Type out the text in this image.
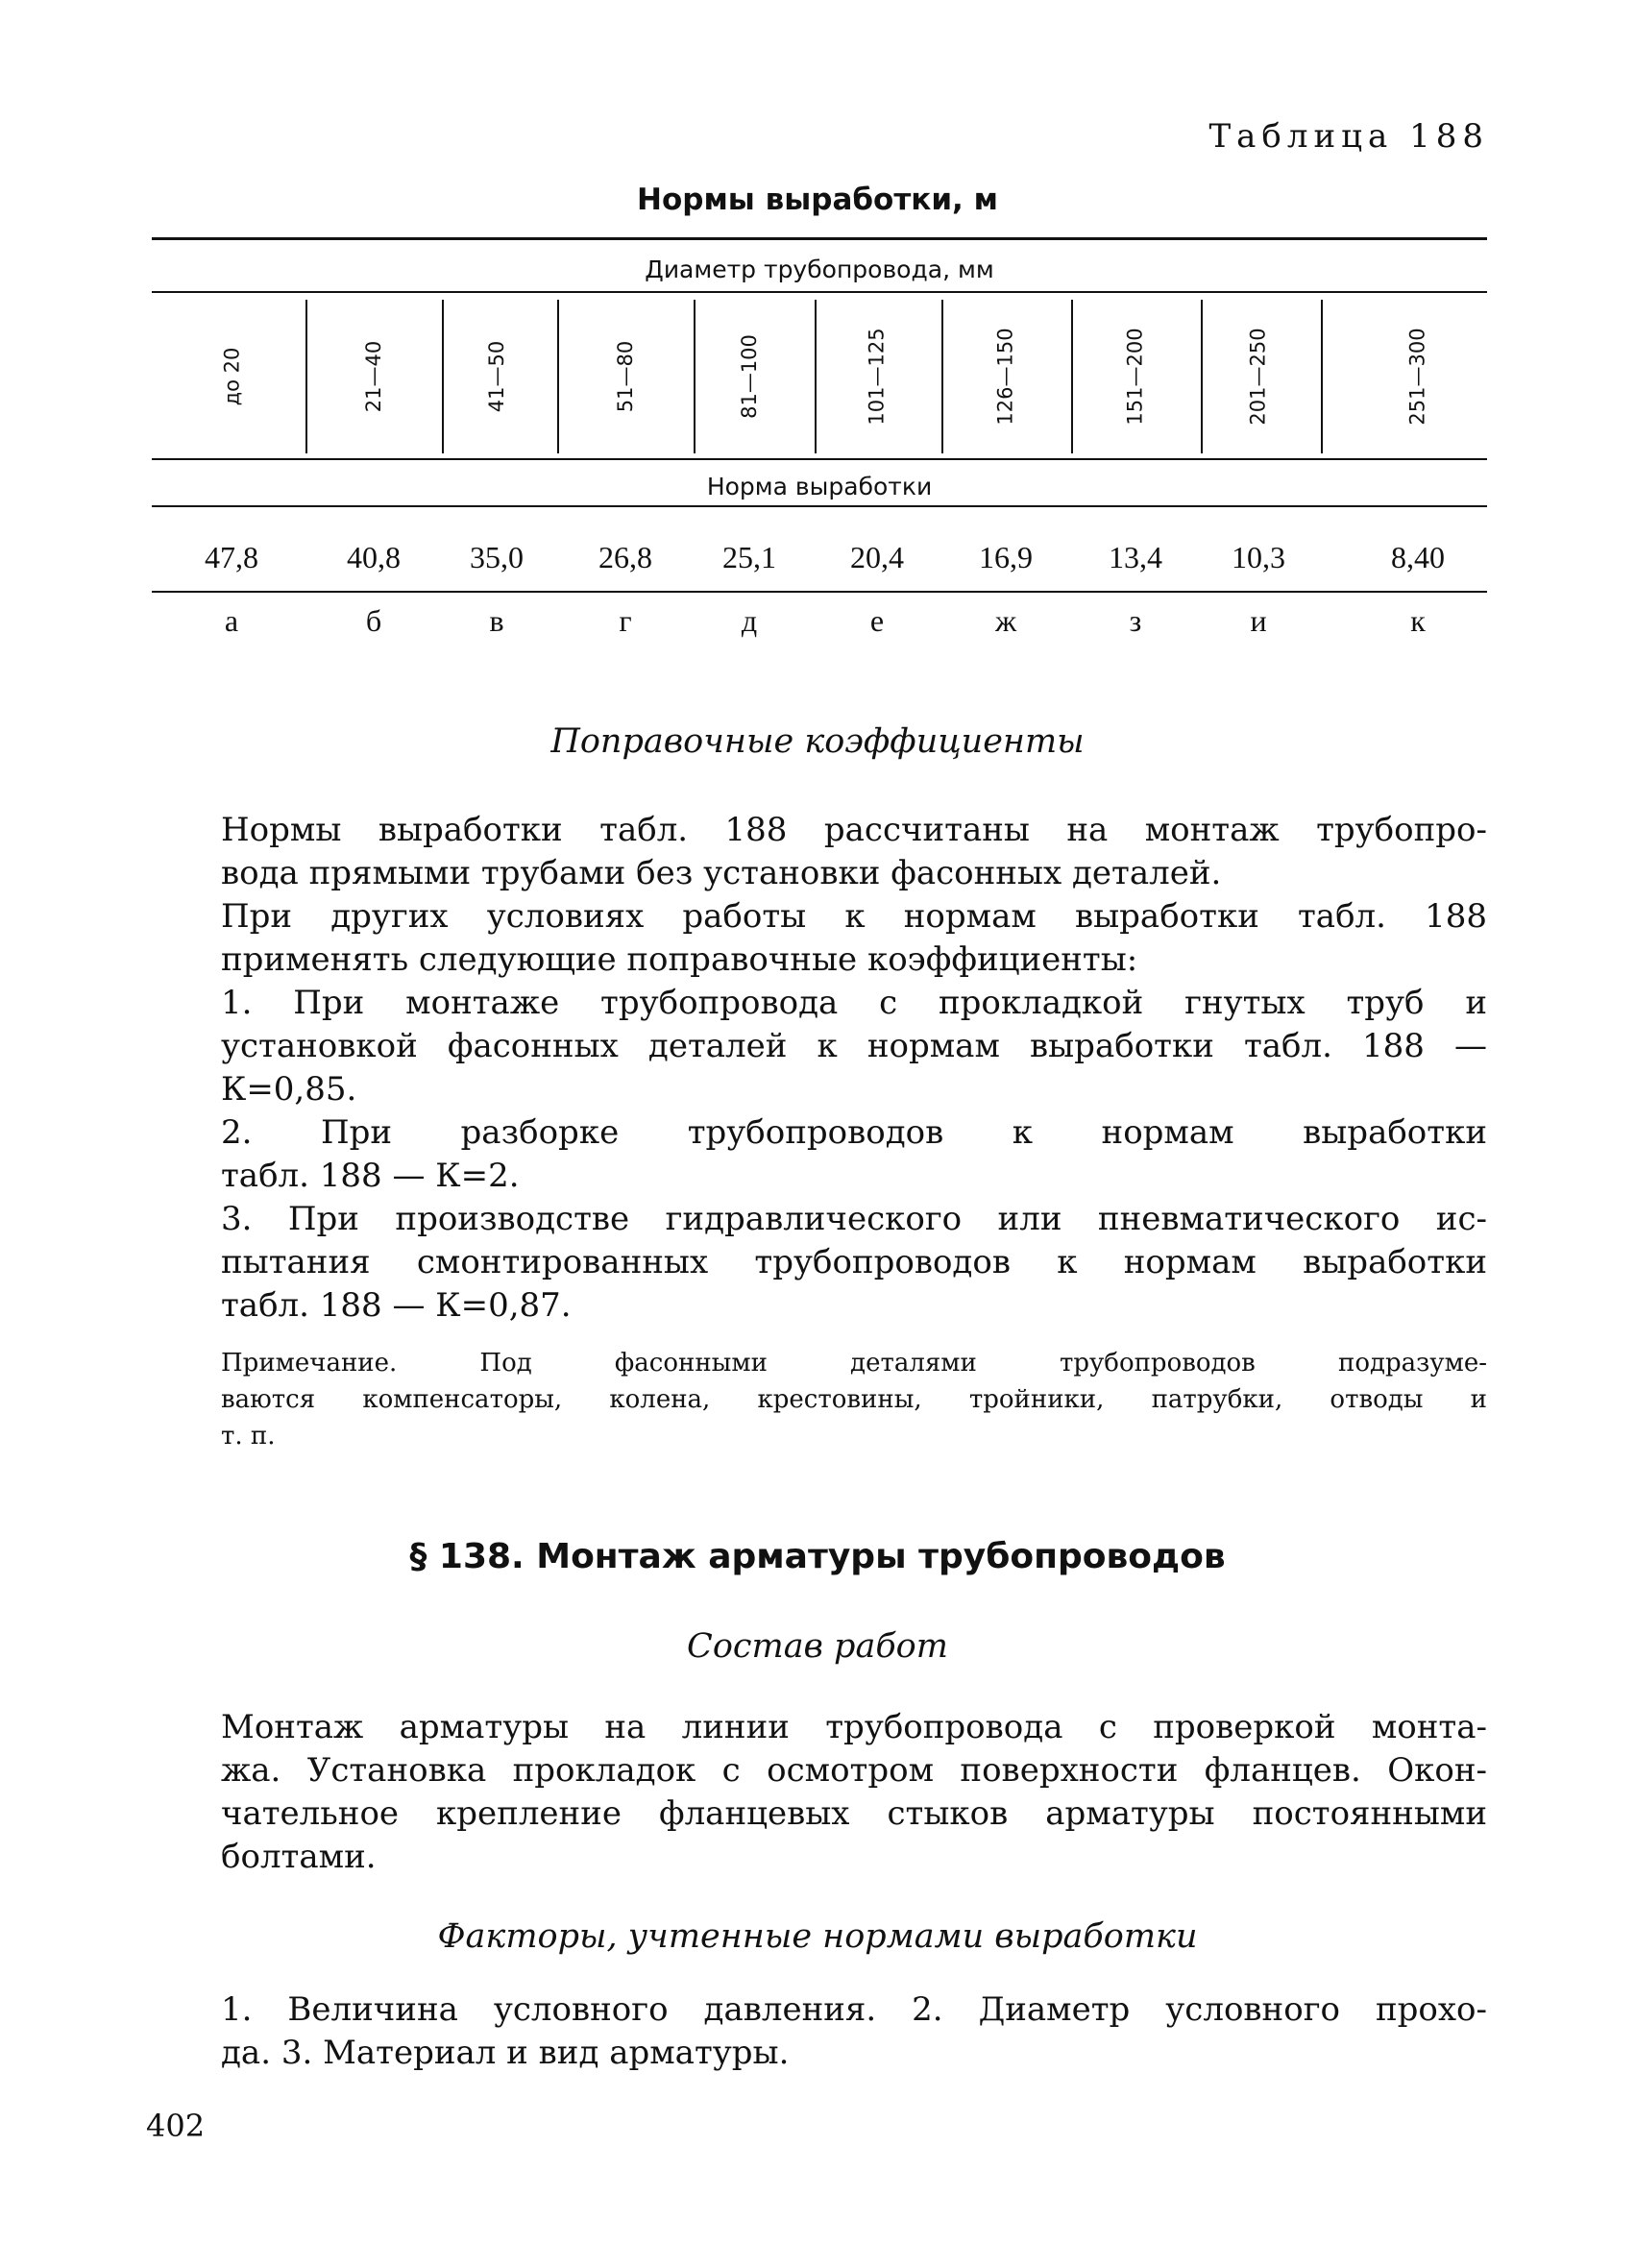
Таблица 188
Нормы выработки, м
Диаметр трубопровода, мм
до 20	21—40	41—50	51—80	81—100	101—125	126—150	151—200	201—250	251—300
Норма выработки
47,8	40,8	35,0	26,8	25,1	20,4	16,9	13,4	10,3	8,40
а	б	в	г	д	е	ж	з	и	к
Поправочные коэффициенты
Нормы выработки табл. 188 рассчитаны на монтаж трубопро-
вода прямыми трубами без установки фасонных деталей.
При других условиях работы к нормам выработки табл. 188
применять следующие поправочные коэффициенты:
1. При монтаже трубопровода с прокладкой гнутых труб и
установкой фасонных деталей к нормам выработки табл. 188 —
К=0,85.
2. При разборке трубопроводов к нормам выработки
табл. 188 — К=2.
3. При производстве гидравлического или пневматического ис-
пытания смонтированных трубопроводов к нормам выработки
табл. 188 — К=0,87.
Примечание. Под фасонными деталями трубопроводов подразуме-
ваются компенсаторы, колена, крестовины, тройники, патрубки, отводы и
т. п.
§ 138. Монтаж арматуры трубопроводов
Состав работ
Монтаж арматуры на линии трубопровода с проверкой монта-
жа. Установка прокладок с осмотром поверхности фланцев. Окон-
чательное крепление фланцевых стыков арматуры постоянными
болтами.
Факторы, учтенные нормами выработки
1. Величина условного давления. 2. Диаметр условного прохо-
да. 3. Материал и вид арматуры.
402
